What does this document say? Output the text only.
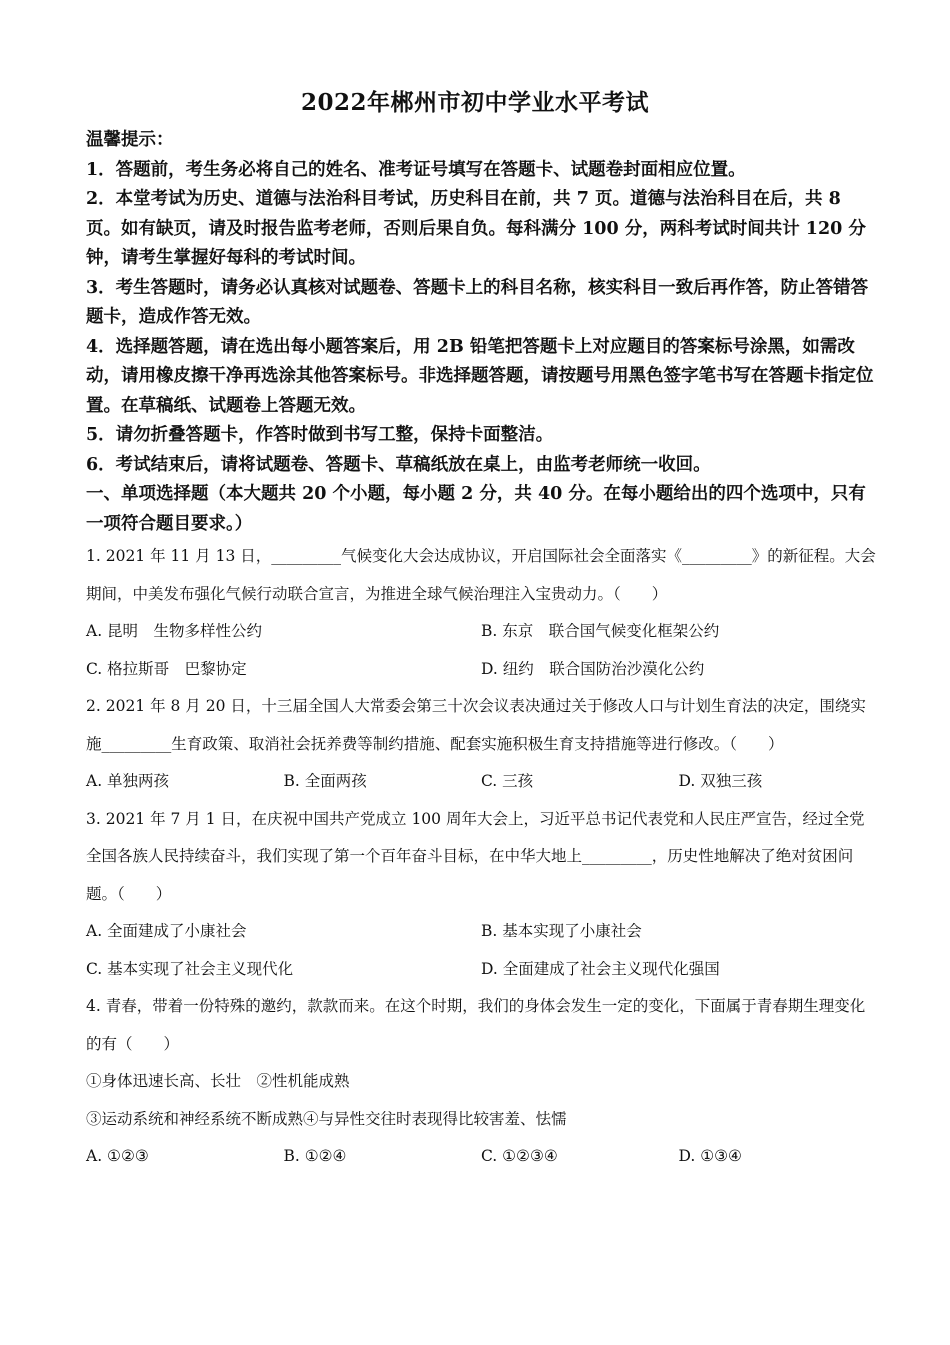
2022年郴州市初中学业水平考试

温馨提示：

1．答题前，考生务必将自己的姓名、准考证号填写在答题卡、试题卷封面相应位置。

2．本堂考试为历史、道德与法治科目考试，历史科目在前，共 7 页。道德与法治科目在后，共 8 页。如有缺页，请及时报告监考老师，否则后果自负。每科满分 100 分，两科考试时间共计 120 分钟，请考生掌握好每科的考试时间。

3．考生答题时，请务必认真核对试题卷、答题卡上的科目名称，核实科目一致后再作答，防止答错答题卡，造成作答无效。

4．选择题答题，请在选出每小题答案后，用 2B 铅笔把答题卡上对应题目的答案标号涂黑，如需改动，请用橡皮擦干净再选涂其他答案标号。非选择题答题，请按题号用黑色签字笔书写在答题卡指定位置。在草稿纸、试题卷上答题无效。

5．请勿折叠答题卡，作答时做到书写工整，保持卡面整洁。

6．考试结束后，请将试题卷、答题卡、草稿纸放在桌上，由监考老师统一收回。

一、单项选择题（本大题共 20 个小题，每小题 2 分，共 40 分。在每小题给出的四个选项中，只有一项符合题目要求。）

1. 2021 年 11 月 13 日，_________气候变化大会达成协议，开启国际社会全面落实《_________》的新征程。大会期间，中美发布强化气候行动联合宣言，为推进全球气候治理注入宝贵动力。（　　）

A. 昆明　生物多样性公约	B. 东京　联合国气候变化框架公约
C. 格拉斯哥　巴黎协定	D. 纽约　联合国防治沙漠化公约

2. 2021 年 8 月 20 日，十三届全国人大常委会第三十次会议表决通过关于修改人口与计划生育法的决定，围绕实施_________生育政策、取消社会抚养费等制约措施、配套实施积极生育支持措施等进行修改。（　　）

A. 单独两孩	B. 全面两孩	C. 三孩	D. 双独三孩

3. 2021 年 7 月 1 日，在庆祝中国共产党成立 100 周年大会上，习近平总书记代表党和人民庄严宣告，经过全党全国各族人民持续奋斗，我们实现了第一个百年奋斗目标，在中华大地上_________，历史性地解决了绝对贫困问题。（　　）

A. 全面建成了小康社会	B. 基本实现了小康社会
C. 基本实现了社会主义现代化	D. 全面建成了社会主义现代化强国

4. 青春，带着一份特殊的邀约，款款而来。在这个时期，我们的身体会发生一定的变化，下面属于青春期生理变化的有（　　）

①身体迅速长高、长壮　②性机能成熟

③运动系统和神经系统不断成熟④与异性交往时表现得比较害羞、怯懦

A. ①②③	B. ①②④	C. ①②③④	D. ①③④
